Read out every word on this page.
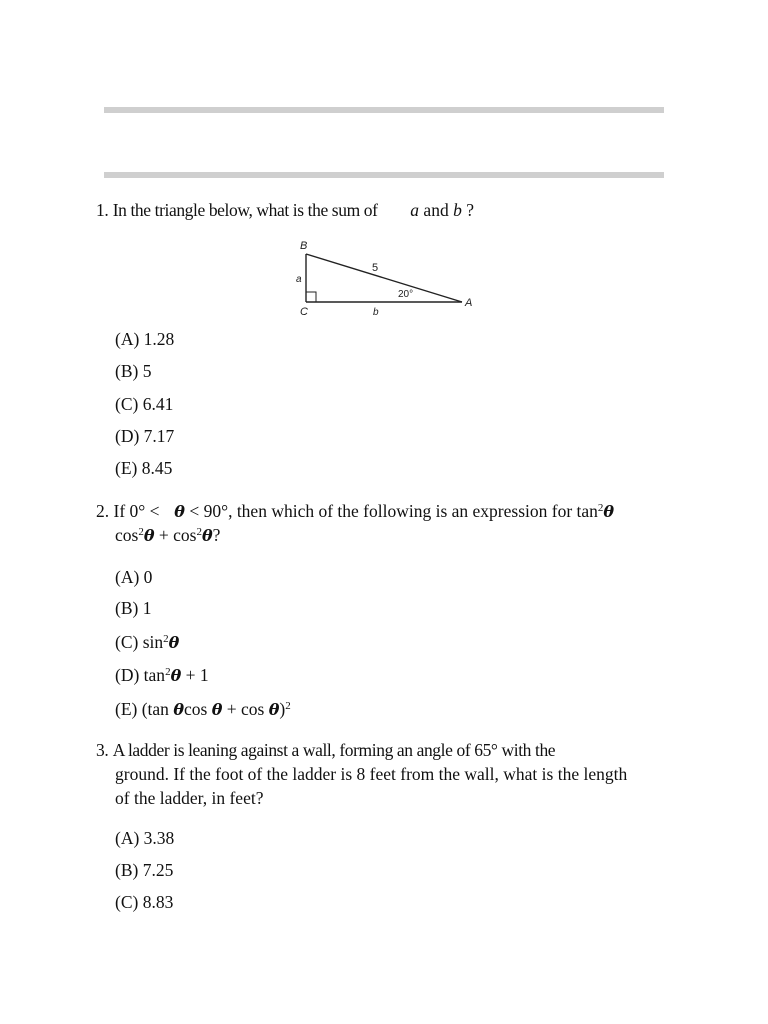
1. In the triangle below, what is the sum of a and b ?
B
C
A
a
b
5
20°
(A) 1.28
(B) 5
(C) 6.41
(D) 7.17
(E) 8.45
2. If 0° < θ < 90°, then which of the following is an expression for $\tan^2\theta$
$\cos^2\theta + \cos^2\theta$?
(A) 0
(B) 1
(C) $\sin^2\theta$
(D) $\tan^2\theta + 1$
(E) (tan θcos θ + cos θ)$^2$
3. A ladder is leaning against a wall, forming an angle of 65° with the
ground. If the foot of the ladder is 8 feet from the wall, what is the length
of the ladder, in feet?
(A) 3.38
(B) 7.25
(C) 8.83
